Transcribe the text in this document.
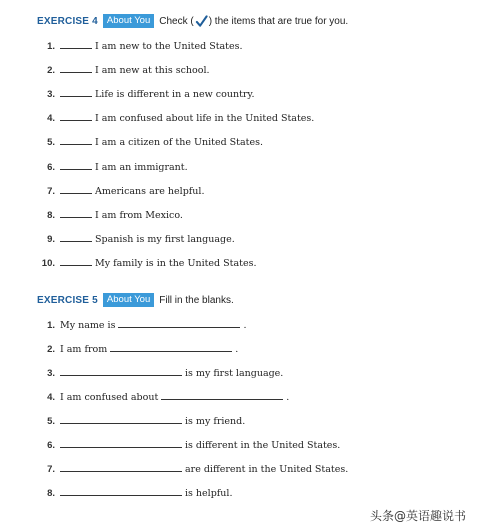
EXERCISE 4 About You Check ( ) the items that are true for you.
1.	I am new to the United States.
2.	I am new at this school.
3.	Life is different in a new country.
4.	I am confused about life in the United States.
5.	I am a citizen of the United States.
6.	I am an immigrant.
7.	Americans are helpful.
8.	I am from Mexico.
9.	Spanish is my first language.
10.	My family is in the United States.
EXERCISE 5 About You Fill in the blanks.
1. My name is	.
2. I am from	.
3.	is my first language.
4. I am confused about	.
5.	is my friend.
6.	is different in the United States.
7.	are different in the United States.
8.	is helpful.
头条@英语趣说书
